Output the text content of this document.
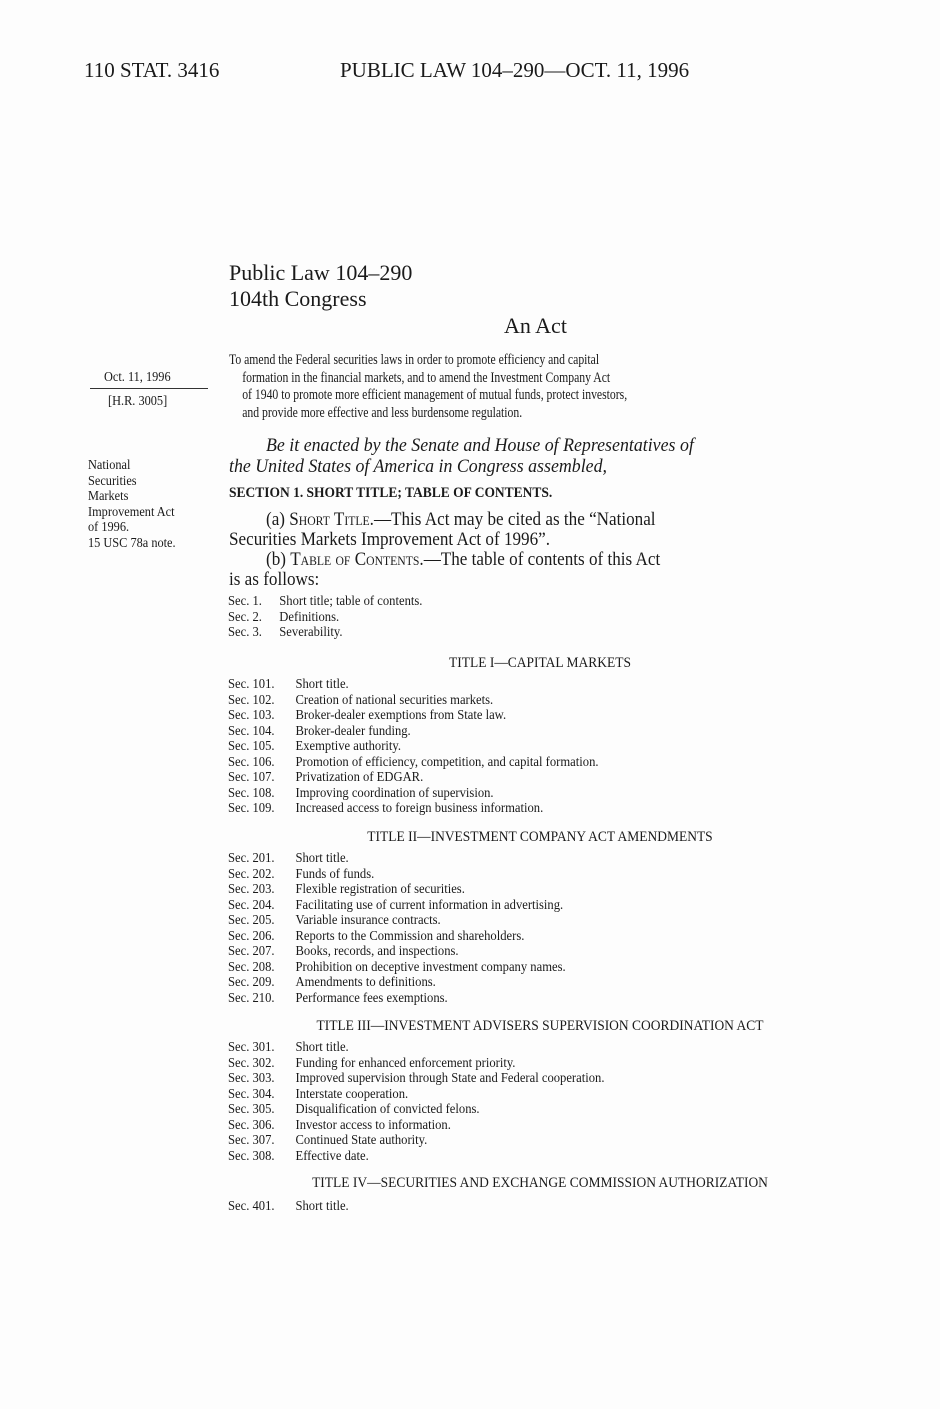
110 STAT. 3416	PUBLIC LAW 104–290—OCT. 11, 1996
Public Law 104–290
104th Congress
An Act
Oct. 11, 1996
[H.R. 3005]
National
Securities
Markets
Improvement Act
of 1996.
15 USC 78a note.
To amend the Federal securities laws in order to promote efficiency and capital
formation in the financial markets, and to amend the Investment Company Act
of 1940 to promote more efficient management of mutual funds, protect investors,
and provide more effective and less burdensome regulation.
Be it enacted by the Senate and House of Representatives of
the United States of America in Congress assembled,
SECTION 1. SHORT TITLE; TABLE OF CONTENTS.
(a) Short Title.—This Act may be cited as the “National
Securities Markets Improvement Act of 1996”.
(b) Table of Contents.—The table of contents of this Act
is as follows:
Sec. 1.	Short title; table of contents.
Sec. 2.	Definitions.
Sec. 3.	Severability.
TITLE I—CAPITAL MARKETS
Sec. 101.	Short title.
Sec. 102.	Creation of national securities markets.
Sec. 103.	Broker-dealer exemptions from State law.
Sec. 104.	Broker-dealer funding.
Sec. 105.	Exemptive authority.
Sec. 106.	Promotion of efficiency, competition, and capital formation.
Sec. 107.	Privatization of EDGAR.
Sec. 108.	Improving coordination of supervision.
Sec. 109.	Increased access to foreign business information.
TITLE II—INVESTMENT COMPANY ACT AMENDMENTS
Sec. 201.	Short title.
Sec. 202.	Funds of funds.
Sec. 203.	Flexible registration of securities.
Sec. 204.	Facilitating use of current information in advertising.
Sec. 205.	Variable insurance contracts.
Sec. 206.	Reports to the Commission and shareholders.
Sec. 207.	Books, records, and inspections.
Sec. 208.	Prohibition on deceptive investment company names.
Sec. 209.	Amendments to definitions.
Sec. 210.	Performance fees exemptions.
TITLE III—INVESTMENT ADVISERS SUPERVISION COORDINATION ACT
Sec. 301.	Short title.
Sec. 302.	Funding for enhanced enforcement priority.
Sec. 303.	Improved supervision through State and Federal cooperation.
Sec. 304.	Interstate cooperation.
Sec. 305.	Disqualification of convicted felons.
Sec. 306.	Investor access to information.
Sec. 307.	Continued State authority.
Sec. 308.	Effective date.
TITLE IV—SECURITIES AND EXCHANGE COMMISSION AUTHORIZATION
Sec. 401.	Short title.
